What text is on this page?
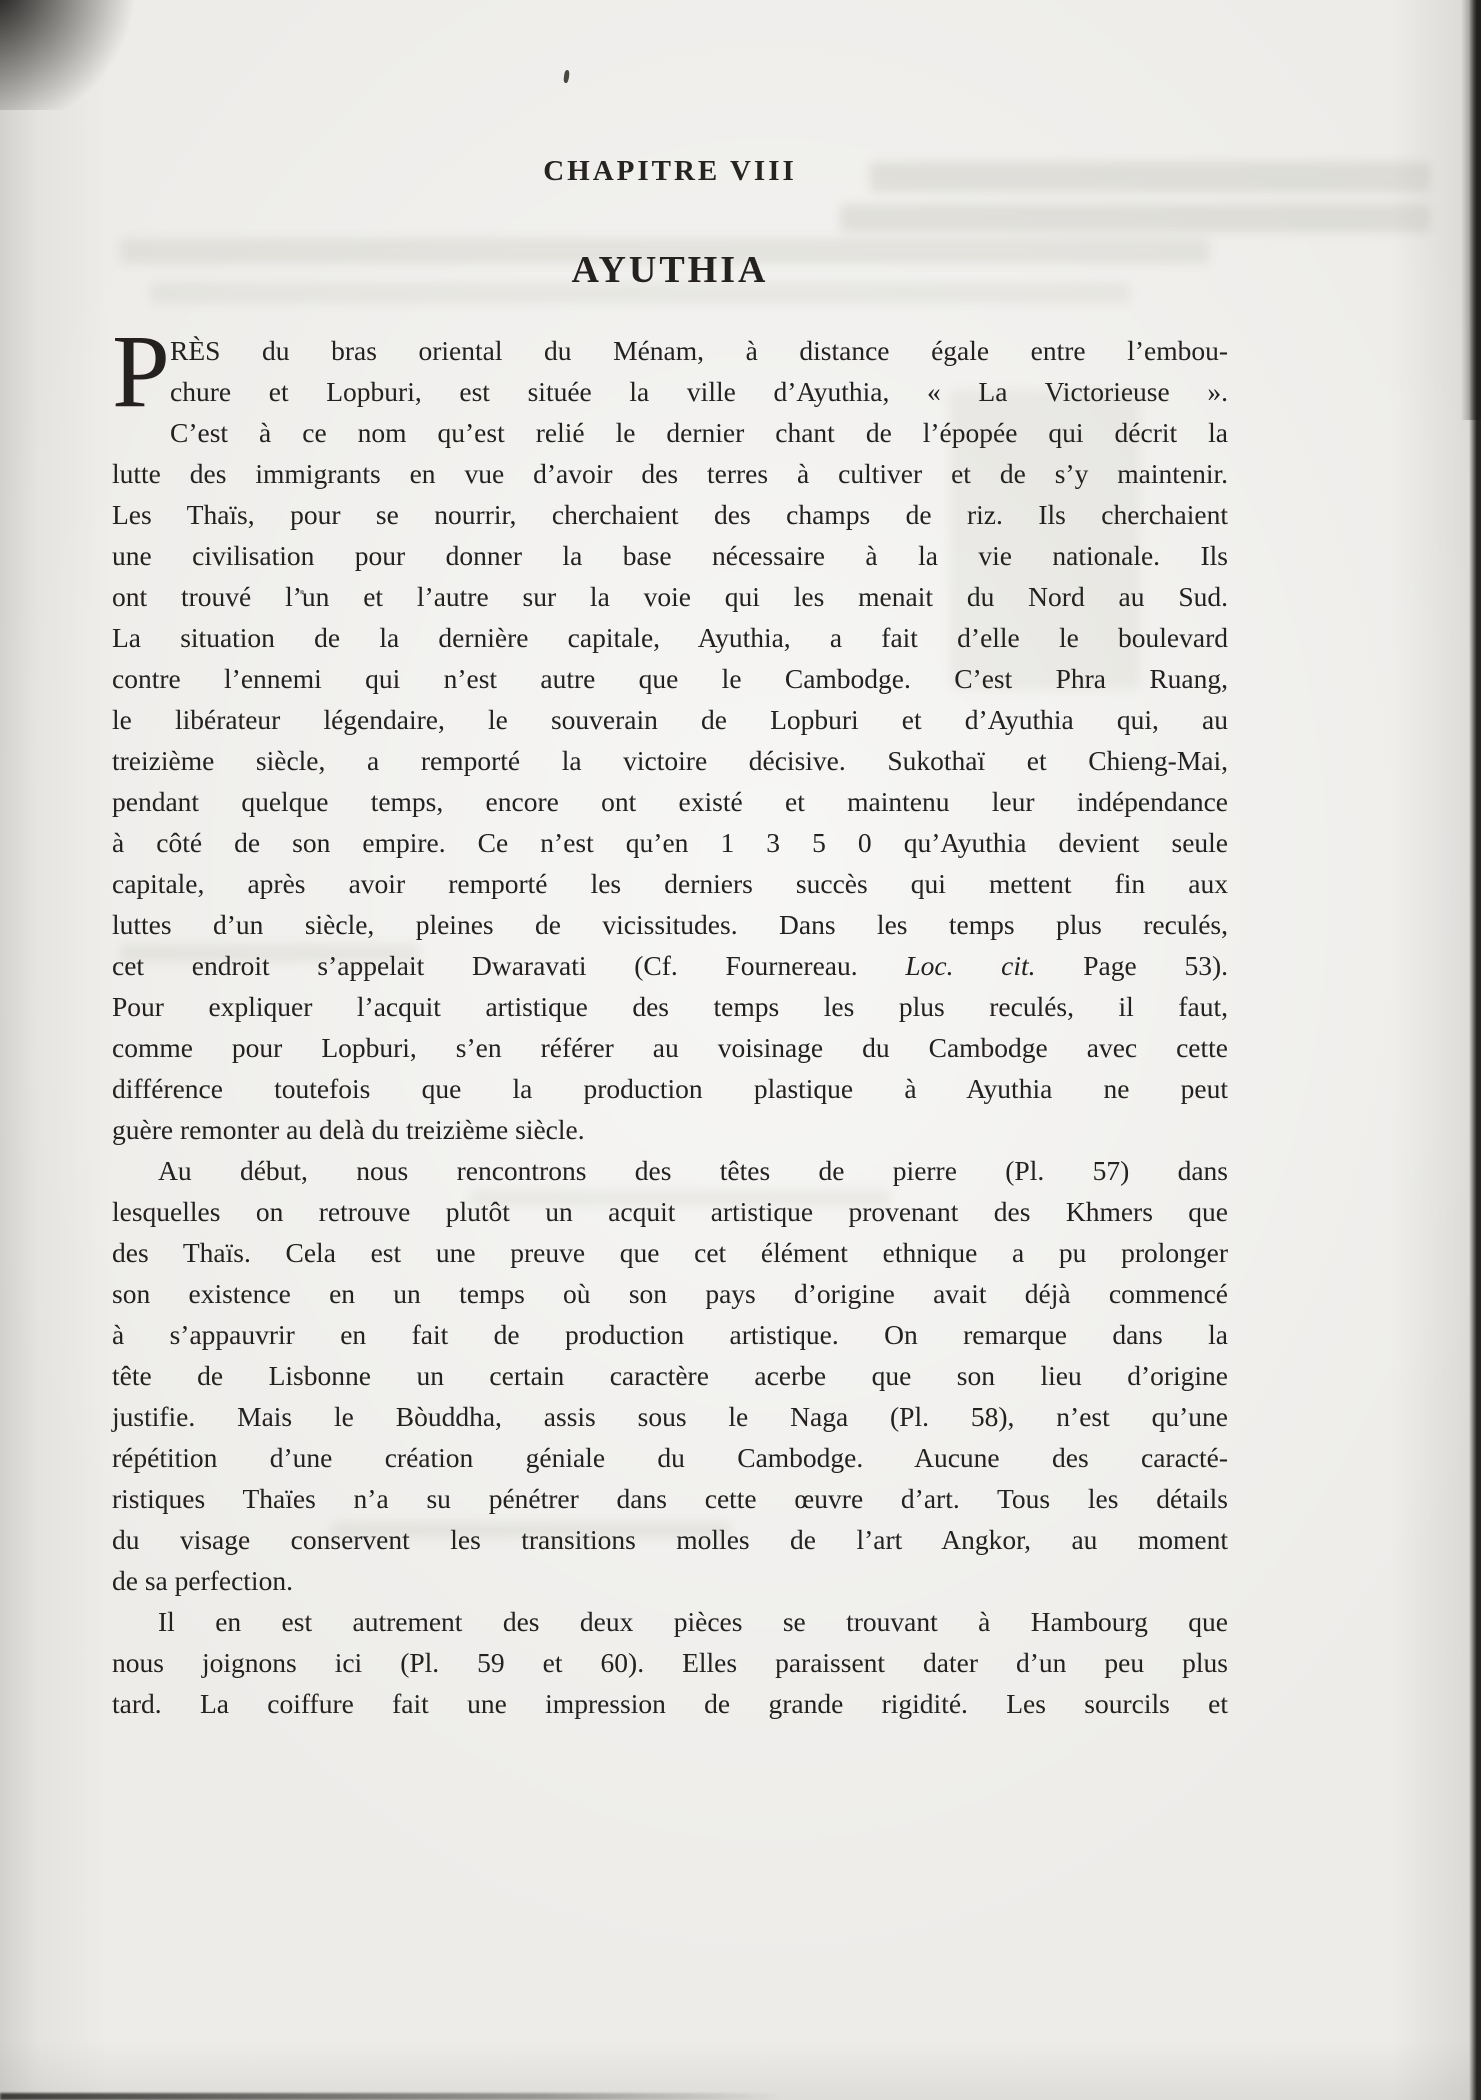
CHAPITRE VIII
AYUTHIA
P RÈS du bras oriental du Ménam, à distance égale entre l’embou-
chure et Lopburi, est située la ville d’Ayuthia, « La Victorieuse ».
C’est à ce nom qu’est relié le dernier chant de l’épopée qui décrit la
lutte des immigrants en vue d’avoir des terres à cultiver et de s’y maintenir.
Les Thaïs, pour se nourrir, cherchaient des champs de riz. Ils cherchaient
une civilisation pour donner la base nécessaire à la vie nationale. Ils
ont trouvé l’un et l’autre sur la voie qui les menait du Nord au Sud.
La situation de la dernière capitale, Ayuthia, a fait d’elle le boulevard
contre l’ennemi qui n’est autre que le Cambodge. C’est Phra Ruang,
le libérateur légendaire, le souverain de Lopburi et d’Ayuthia qui, au
treizième siècle, a remporté la victoire décisive. Sukothaï et Chieng-Mai,
pendant quelque temps, encore ont existé et maintenu leur indépendance
à côté de son empire. Ce n’est qu’en 1 3 5 0 qu’Ayuthia devient seule
capitale, après avoir remporté les derniers succès qui mettent fin aux
luttes d’un siècle, pleines de vicissitudes. Dans les temps plus reculés,
cet endroit s’appelait Dwaravati (Cf. Fournereau. Loc. cit. Page 53).
Pour expliquer l’acquit artistique des temps les plus reculés, il faut,
comme pour Lopburi, s’en référer au voisinage du Cambodge avec cette
différence toutefois que la production plastique à Ayuthia ne peut
guère remonter au delà du treizième siècle.
Au début, nous rencontrons des têtes de pierre (Pl. 57) dans
lesquelles on retrouve plutôt un acquit artistique provenant des Khmers que
des Thaïs. Cela est une preuve que cet élément ethnique a pu prolonger
son existence en un temps où son pays d’origine avait déjà commencé
à s’appauvrir en fait de production artistique. On remarque dans la
tête de Lisbonne un certain caractère acerbe que son lieu d’origine
justifie. Mais le Bòuddha, assis sous le Naga (Pl. 58), n’est qu’une
répétition d’une création géniale du Cambodge. Aucune des caracté-
ristiques Thaïes n’a su pénétrer dans cette œuvre d’art. Tous les détails
du visage conservent les transitions molles de l’art Angkor, au moment
de sa perfection.
Il en est autrement des deux pièces se trouvant à Hambourg que
nous joignons ici (Pl. 59 et 60). Elles paraissent dater d’un peu plus
tard. La coiffure fait une impression de grande rigidité. Les sourcils et
